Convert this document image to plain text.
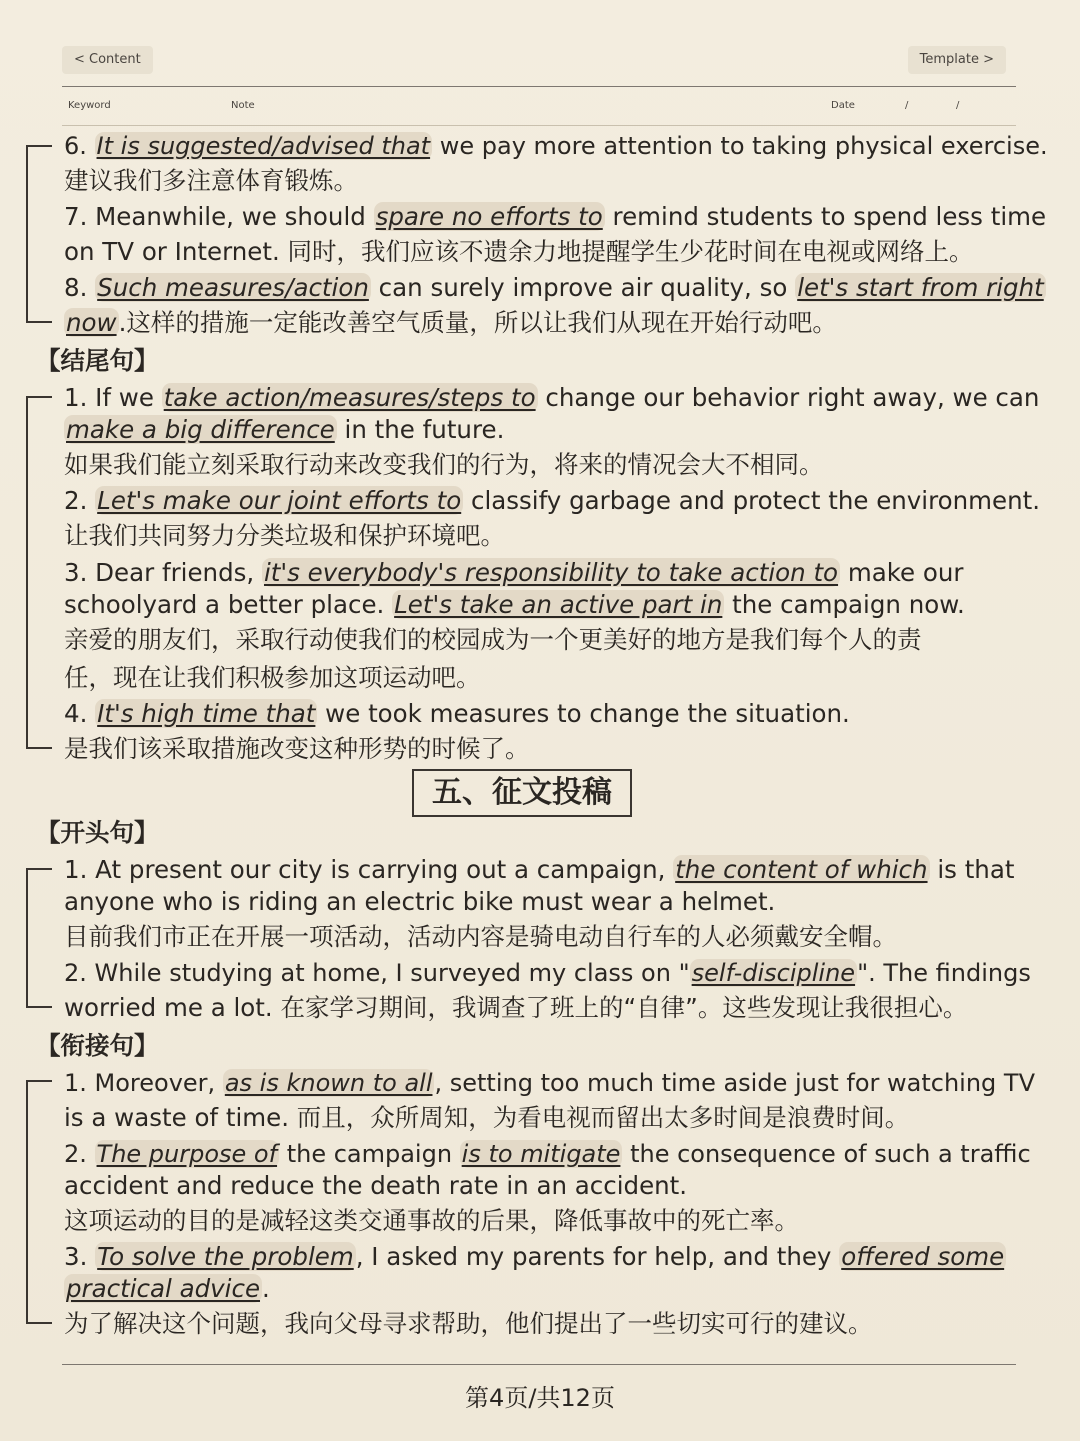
< Content	Template >
Keyword	Note	Date	/	/
6. It is suggested/advised that we pay more attention to taking physical exercise.
建议我们多注意体育锻炼。
7. Meanwhile, we should spare no efforts to remind students to spend less time
on TV or Internet. 同时，我们应该不遗余力地提醒学生少花时间在电视或网络上。
8. Such measures/action can surely improve air quality, so let's start from right
now.这样的措施一定能改善空气质量，所以让我们从现在开始行动吧。
【结尾句】
1. If we take action/measures/steps to change our behavior right away, we can
make a big difference in the future.
如果我们能立刻采取行动来改变我们的行为，将来的情况会大不相同。
2. Let's make our joint efforts to classify garbage and protect the environment.
让我们共同努力分类垃圾和保护环境吧。
3. Dear friends, it's everybody's responsibility to take action to make our
schoolyard a better place. Let's take an active part in the campaign now.
亲爱的朋友们，采取行动使我们的校园成为一个更美好的地方是我们每个人的责
任，现在让我们积极参加这项运动吧。
4. It's high time that we took measures to change the situation.
是我们该采取措施改变这种形势的时候了。
五、征文投稿
【开头句】
1. At present our city is carrying out a campaign, the content of which is that
anyone who is riding an electric bike must wear a helmet.
目前我们市正在开展一项活动，活动内容是骑电动自行车的人必须戴安全帽。
2. While studying at home, I surveyed my class on "self-discipline". The findings
worried me a lot. 在家学习期间，我调查了班上的“自律”。这些发现让我很担心。
【衔接句】
1. Moreover, as is known to all, setting too much time aside just for watching TV
is a waste of time. 而且，众所周知，为看电视而留出太多时间是浪费时间。
2. The purpose of the campaign is to mitigate the consequence of such a traffic
accident and reduce the death rate in an accident.
这项运动的目的是减轻这类交通事故的后果，降低事故中的死亡率。
3. To solve the problem, I asked my parents for help, and they offered some
practical advice.
为了解决这个问题，我向父母寻求帮助，他们提出了一些切实可行的建议。
第4页/共12页
